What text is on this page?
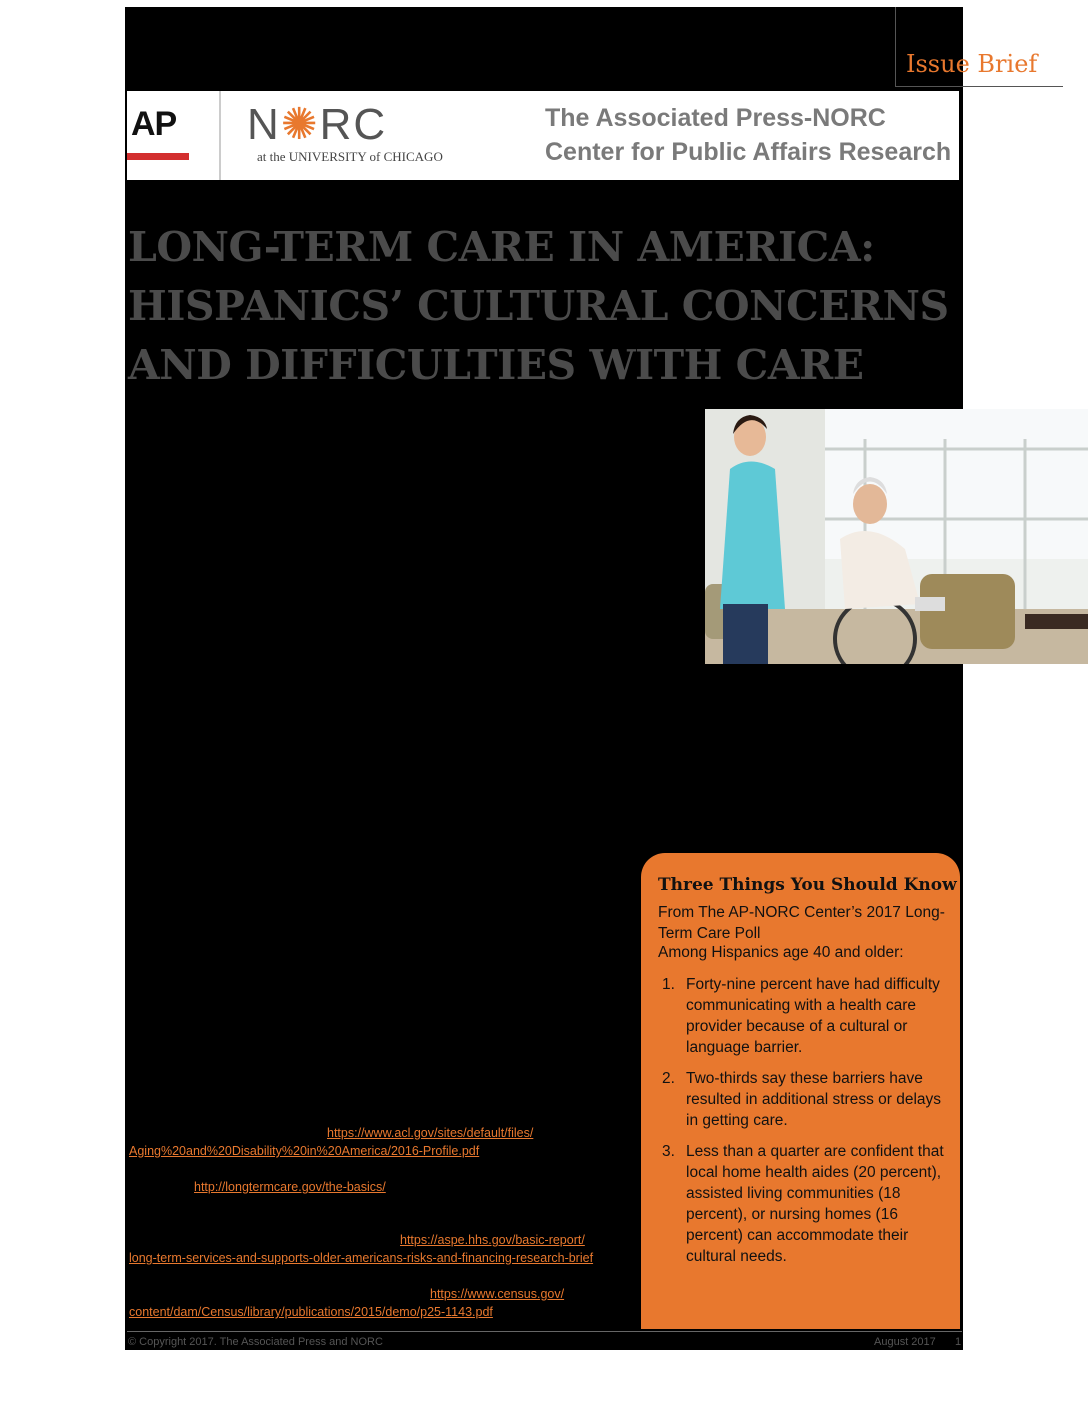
Issue Brief
AP N✺RC
at the UNIVERSITY of CHICAGO
The Associated Press-NORC
Center for Public Affairs Research
LONG-TERM CARE IN AMERICA:
HISPANICS’ CULTURAL CONCERNS
AND DIFFICULTIES WITH CARE
Three Things You Should Know
From The AP-NORC Center’s 2017 Long-Term Care Poll
Among Hispanics age 40 and older:
1. Forty-nine percent have had difficulty communicating with a health care provider because of a cultural or language barrier.
2. Two-thirds say these barriers have resulted in additional stress or delays in getting care.
3. Less than a quarter are confident that local home health aides (20 percent), assisted living communities (18 percent), or nursing homes (16 percent) can accommodate their cultural needs.
https://www.acl.gov/sites/default/files/
Aging%20and%20Disability%20in%20America/2016-Profile.pdf
http://longtermcare.gov/the-basics/
https://aspe.hhs.gov/basic-report/
long-term-services-and-supports-older-americans-risks-and-financing-research-brief
https://www.census.gov/
content/dam/Census/library/publications/2015/demo/p25-1143.pdf
© Copyright 2017. The Associated Press and NORC	August 2017 1
